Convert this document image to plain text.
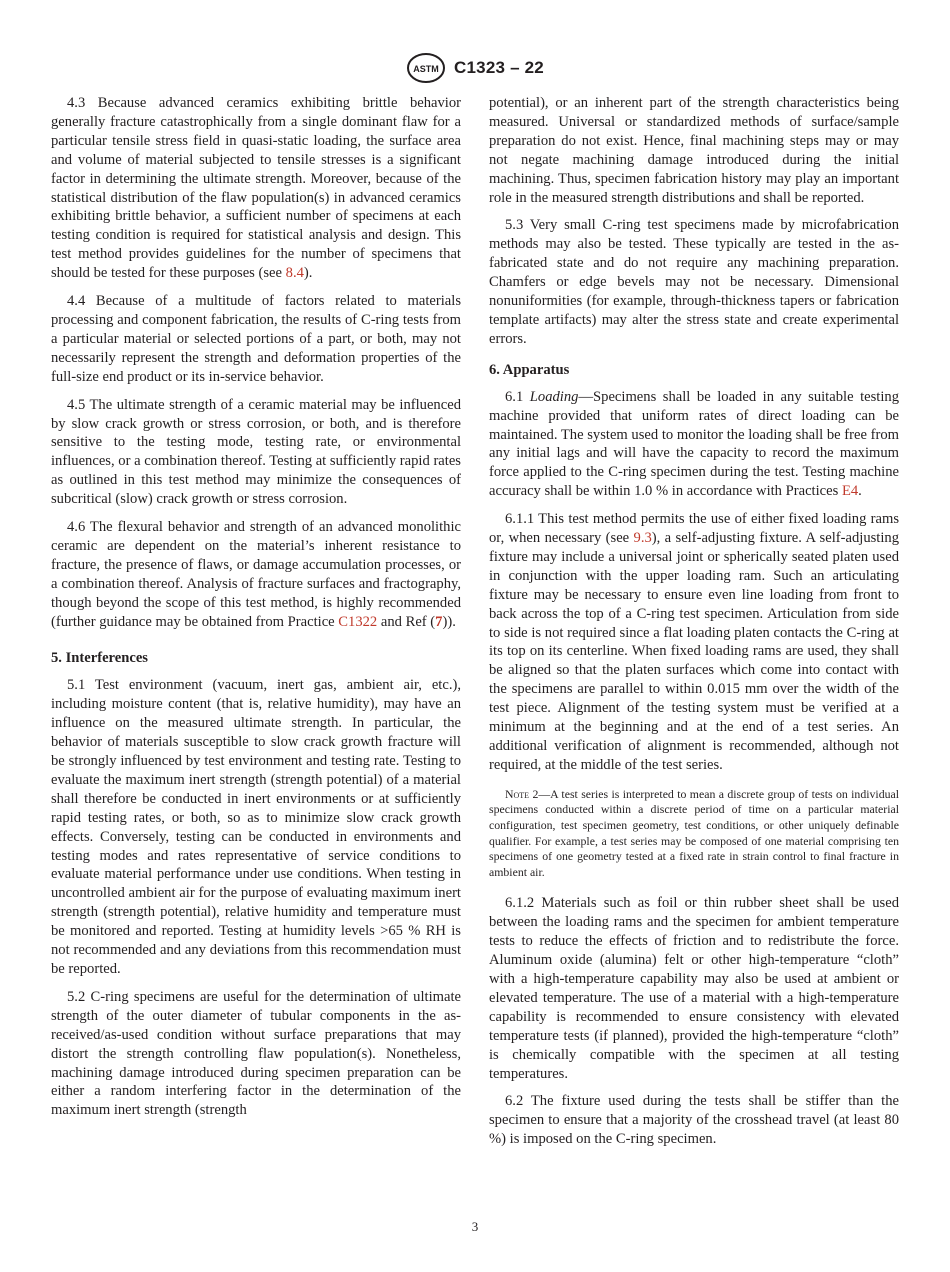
ASTM C1323 – 22

4.3 Because advanced ceramics exhibiting brittle behavior generally fracture catastrophically from a single dominant flaw for a particular tensile stress field in quasi-static loading, the surface area and volume of material subjected to tensile stresses is a significant factor in determining the ultimate strength. Moreover, because of the statistical distribution of the flaw population(s) in advanced ceramics exhibiting brittle behavior, a sufficient number of specimens at each testing condition is required for statistical analysis and design. This test method provides guidelines for the number of specimens that should be tested for these purposes (see 8.4).

4.4 Because of a multitude of factors related to materials processing and component fabrication, the results of C-ring tests from a particular material or selected portions of a part, or both, may not necessarily represent the strength and deformation properties of the full-size end product or its in-service behavior.

4.5 The ultimate strength of a ceramic material may be influenced by slow crack growth or stress corrosion, or both, and is therefore sensitive to the testing mode, testing rate, or environmental influences, or a combination thereof. Testing at sufficiently rapid rates as outlined in this test method may minimize the consequences of subcritical (slow) crack growth or stress corrosion.

4.6 The flexural behavior and strength of an advanced monolithic ceramic are dependent on the material’s inherent resistance to fracture, the presence of flaws, or damage accumulation processes, or a combination thereof. Analysis of fracture surfaces and fractography, though beyond the scope of this test method, is highly recommended (further guidance may be obtained from Practice C1322 and Ref (7)).

5. Interferences

5.1 Test environment (vacuum, inert gas, ambient air, etc.), including moisture content (that is, relative humidity), may have an influence on the measured ultimate strength. In particular, the behavior of materials susceptible to slow crack growth fracture will be strongly influenced by test environment and testing rate. Testing to evaluate the maximum inert strength (strength potential) of a material shall therefore be conducted in inert environments or at sufficiently rapid testing rates, or both, so as to minimize slow crack growth effects. Conversely, testing can be conducted in environments and testing modes and rates representative of service conditions to evaluate material performance under use conditions. When testing in uncontrolled ambient air for the purpose of evaluating maximum inert strength (strength potential), relative humidity and temperature must be monitored and reported. Testing at humidity levels >65 % RH is not recommended and any deviations from this recommendation must be reported.

5.2 C-ring specimens are useful for the determination of ultimate strength of the outer diameter of tubular components in the as-received/as-used condition without surface preparations that may distort the strength controlling flaw population(s). Nonetheless, machining damage introduced during specimen preparation can be either a random interfering factor in the determination of the maximum inert strength (strength

potential), or an inherent part of the strength characteristics being measured. Universal or standardized methods of surface/sample preparation do not exist. Hence, final machining steps may or may not negate machining damage introduced during the initial machining. Thus, specimen fabrication history may play an important role in the measured strength distributions and shall be reported.

5.3 Very small C-ring test specimens made by microfabrication methods may also be tested. These typically are tested in the as-fabricated state and do not require any machining preparation. Chamfers or edge bevels may not be necessary. Dimensional nonuniformities (for example, through-thickness tapers or fabrication template artifacts) may alter the stress state and create experimental errors.

6. Apparatus

6.1 Loading—Specimens shall be loaded in any suitable testing machine provided that uniform rates of direct loading can be maintained. The system used to monitor the loading shall be free from any initial lags and will have the capacity to record the maximum force applied to the C-ring specimen during the test. Testing machine accuracy shall be within 1.0 % in accordance with Practices E4.

6.1.1 This test method permits the use of either fixed loading rams or, when necessary (see 9.3), a self-adjusting fixture. A self-adjusting fixture may include a universal joint or spherically seated platen used in conjunction with the upper loading ram. Such an articulating fixture may be necessary to ensure even line loading from front to back across the top of a C-ring test specimen. Articulation from side to side is not required since a flat loading platen contacts the C-ring at its top on its centerline. When fixed loading rams are used, they shall be aligned so that the platen surfaces which come into contact with the specimens are parallel to within 0.015 mm over the width of the test piece. Alignment of the testing system must be verified at a minimum at the beginning and at the end of a test series. An additional verification of alignment is recommended, although not required, at the middle of the test series.

Note 2—A test series is interpreted to mean a discrete group of tests on individual specimens conducted within a discrete period of time on a particular material configuration, test specimen geometry, test conditions, or other uniquely definable qualifier. For example, a test series may be composed of one material comprising ten specimens of one geometry tested at a fixed rate in strain control to final fracture in ambient air.

6.1.2 Materials such as foil or thin rubber sheet shall be used between the loading rams and the specimen for ambient temperature tests to reduce the effects of friction and to redistribute the force. Aluminum oxide (alumina) felt or other high-temperature “cloth” with a high-temperature capability may also be used at ambient or elevated temperature. The use of a material with a high-temperature capability is recommended to ensure consistency with elevated temperature tests (if planned), provided the high-temperature “cloth” is chemically compatible with the specimen at all testing temperatures.

6.2 The fixture used during the tests shall be stiffer than the specimen to ensure that a majority of the crosshead travel (at least 80 %) is imposed on the C-ring specimen.

3
